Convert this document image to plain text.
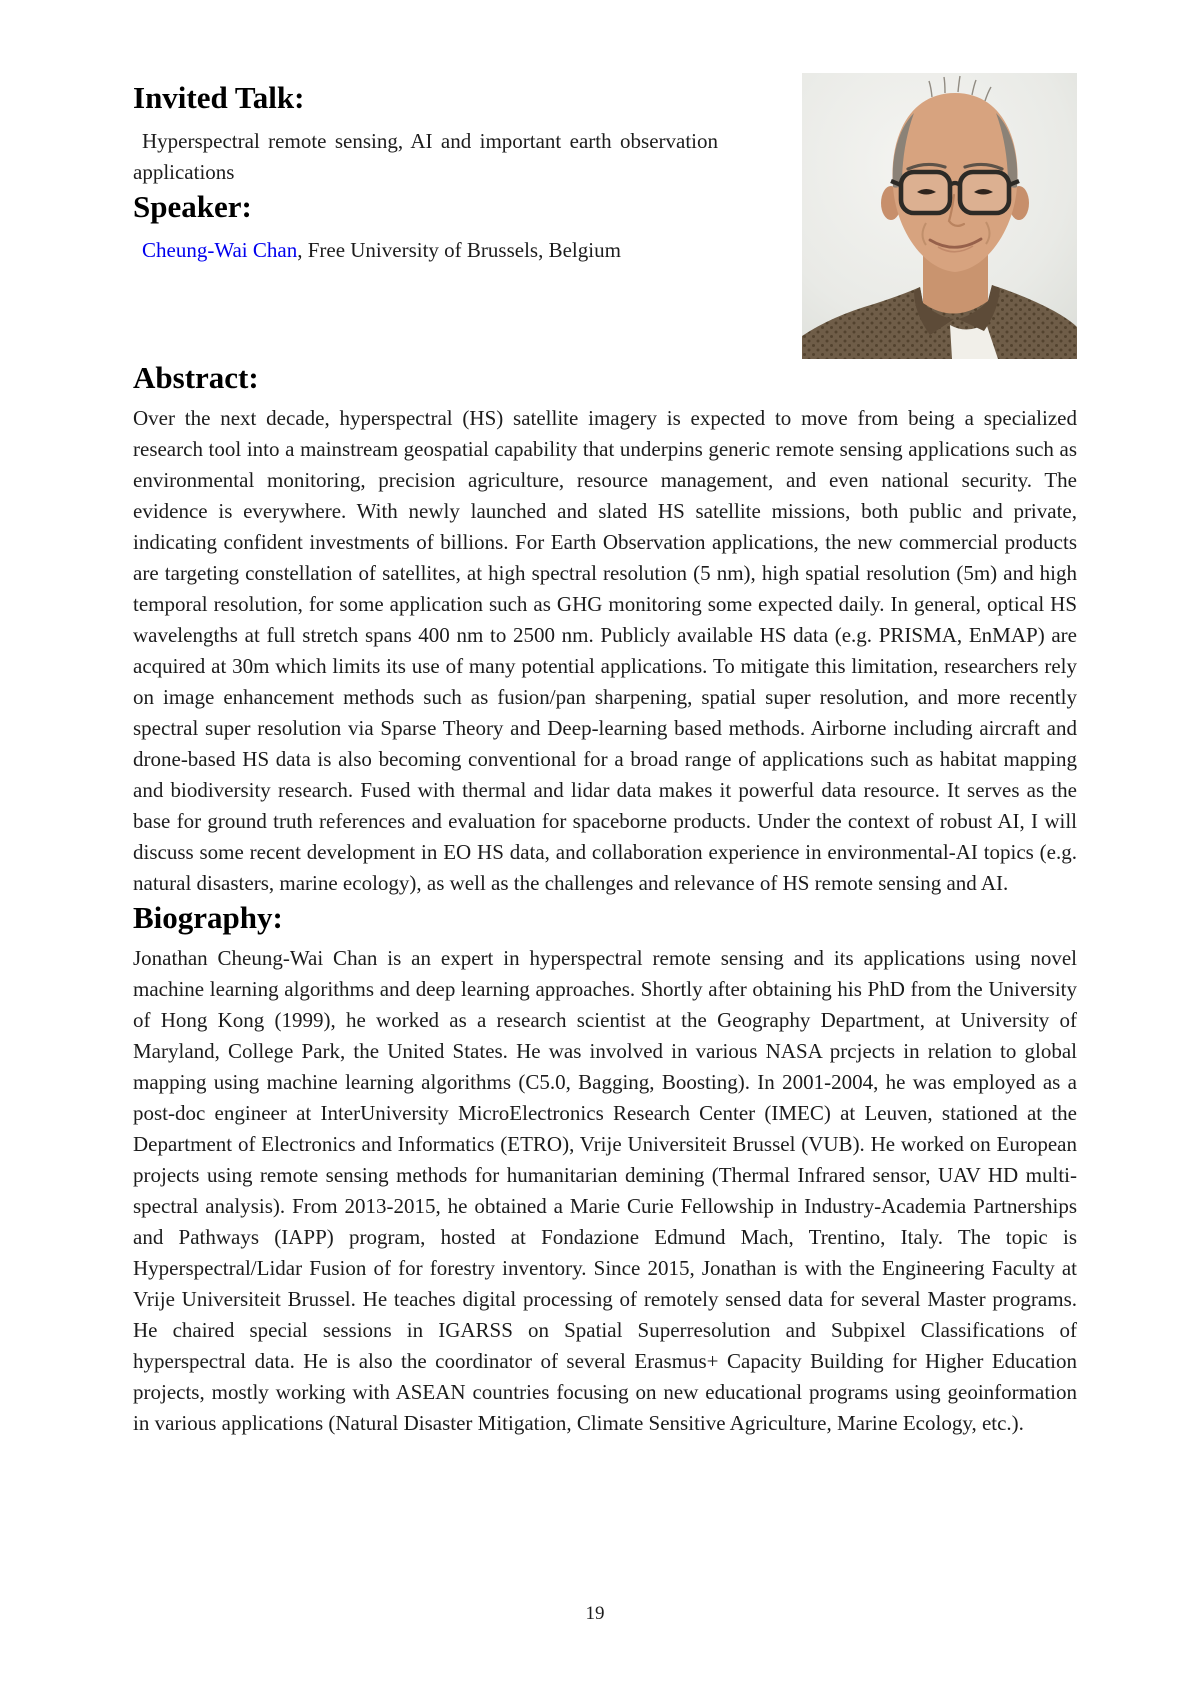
Invited Talk:

Hyperspectral remote sensing, AI and important earth observation applications

Speaker:

Cheung-Wai Chan, Free University of Brussels, Belgium

Abstract:

Over the next decade, hyperspectral (HS) satellite imagery is expected to move from being a specialized research tool into a mainstream geospatial capability that underpins generic remote sensing applications such as environmental monitoring, precision agriculture, resource management, and even national security. The evidence is everywhere. With newly launched and slated HS satellite missions, both public and private, indicating confident investments of billions. For Earth Observation applications, the new commercial products are targeting constellation of satellites, at high spectral resolution (5 nm), high spatial resolution (5m) and high temporal resolution, for some application such as GHG monitoring some expected daily. In general, optical HS wavelengths at full stretch spans 400 nm to 2500 nm. Publicly available HS data (e.g. PRISMA, EnMAP) are acquired at 30m which limits its use of many potential applications. To mitigate this limitation, researchers rely on image enhancement methods such as fusion/pan sharpening, spatial super resolution, and more recently spectral super resolution via Sparse Theory and Deep-learning based methods. Airborne including aircraft and drone-based HS data is also becoming conventional for a broad range of applications such as habitat mapping and biodiversity research. Fused with thermal and lidar data makes it powerful data resource. It serves as the base for ground truth references and evaluation for spaceborne products. Under the context of robust AI, I will discuss some recent development in EO HS data, and collaboration experience in environmental-AI topics (e.g. natural disasters, marine ecology), as well as the challenges and relevance of HS remote sensing and AI.

Biography:

Jonathan Cheung-Wai Chan is an expert in hyperspectral remote sensing and its applications using novel machine learning algorithms and deep learning approaches. Shortly after obtaining his PhD from the University of Hong Kong (1999), he worked as a research scientist at the Geography Department, at University of Maryland, College Park, the United States. He was involved in various NASA prcjects in relation to global mapping using machine learning algorithms (C5.0, Bagging, Boosting). In 2001-2004, he was employed as a post-doc engineer at InterUniversity MicroElectronics Research Center (IMEC) at Leuven, stationed at the Department of Electronics and Informatics (ETRO), Vrije Universiteit Brussel (VUB). He worked on European projects using remote sensing methods for humanitarian demining (Thermal Infrared sensor, UAV HD multi-spectral analysis). From 2013-2015, he obtained a Marie Curie Fellowship in Industry-Academia Partnerships and Pathways (IAPP) program, hosted at Fondazione Edmund Mach, Trentino, Italy. The topic is Hyperspectral/Lidar Fusion of for forestry inventory. Since 2015, Jonathan is with the Engineering Faculty at Vrije Universiteit Brussel. He teaches digital processing of remotely sensed data for several Master programs. He chaired special sessions in IGARSS on Spatial Superresolution and Subpixel Classifications of hyperspectral data. He is also the coordinator of several Erasmus+ Capacity Building for Higher Education projects, mostly working with ASEAN countries focusing on new educational programs using geoinformation in various applications (Natural Disaster Mitigation, Climate Sensitive Agriculture, Marine Ecology, etc.).

19
